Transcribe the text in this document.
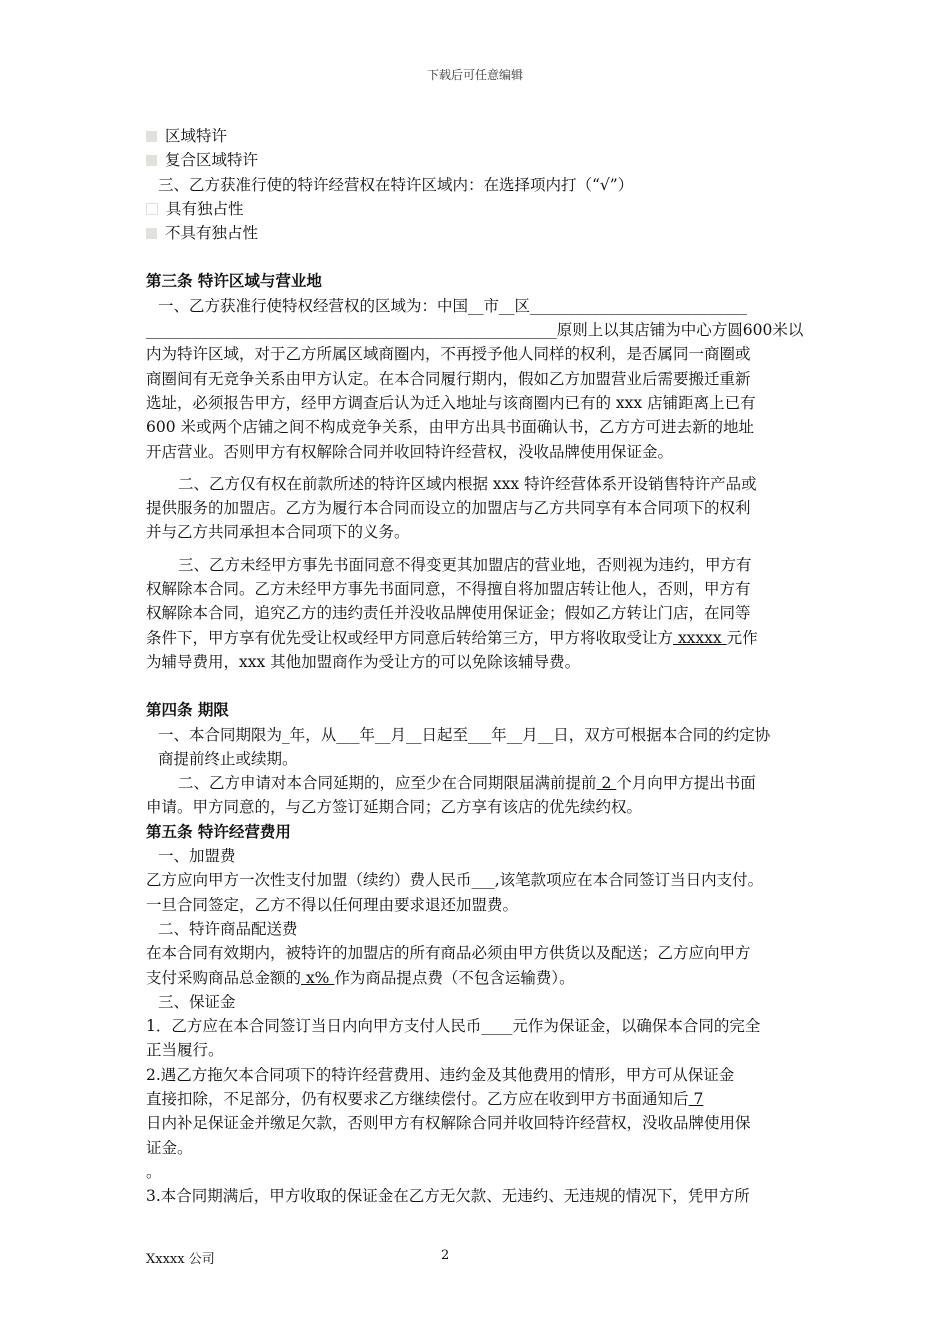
下载后可任意编辑

区域特许

复合区域特许

三、乙方获准行使的特许经营权在特许区域内：在选择项内打（“√”）

具有独占性

不具有独占性

第三条 特许区域与营业地

一、乙方获准行使特权经营权的区域为：中国__市__区____________________________

_____________________________________________________原则上以其店铺为中心方圆600米以

内为特许区域，对于乙方所属区域商圈内，不再授予他人同样的权利，是否属同一商圈或

商圈间有无竞争关系由甲方认定。在本合同履行期内，假如乙方加盟营业后需要搬迁重新

选址，必须报告甲方，经甲方调查后认为迁入地址与该商圈内已有的 xxx 店铺距离上已有

600 米或两个店铺之间不构成竞争关系，由甲方出具书面确认书，乙方方可进去新的地址

开店营业。否则甲方有权解除合同并收回特许经营权，没收品牌使用保证金。

二、乙方仅有权在前款所述的特许区域内根据 xxx 特许经营体系开设销售特许产品或

提供服务的加盟店。乙方为履行本合同而设立的加盟店与乙方共同享有本合同项下的权利

并与乙方共同承担本合同项下的义务。

三、乙方未经甲方事先书面同意不得变更其加盟店的营业地，否则视为违约，甲方有

权解除本合同。乙方未经甲方事先书面同意，不得擅自将加盟店转让他人，否则，甲方有

权解除本合同，追究乙方的违约责任并没收品牌使用保证金；假如乙方转让门店，在同等

条件下，甲方享有优先受让权或经甲方同意后转给第三方，甲方将收取受让方 xxxxx 元作

为辅导费用，xxx 其他加盟商作为受让方的可以免除该辅导费。

第四条 期限

一、本合同期限为_年，从___年__月__日起至___年__月__日，双方可根据本合同的约定协

商提前终止或续期。

二、乙方申请对本合同延期的，应至少在合同期限届满前提前 2 个月向甲方提出书面

申请。甲方同意的，与乙方签订延期合同；乙方享有该店的优先续约权。

第五条 特许经营费用

一、加盟费

乙方应向甲方一次性支付加盟（续约）费人民币___,该笔款项应在本合同签订当日内支付。

一旦合同签定，乙方不得以任何理由要求退还加盟费。

二、特许商品配送费

在本合同有效期内，被特许的加盟店的所有商品必须由甲方供货以及配送；乙方应向甲方

支付采购商品总金额的 x% 作为商品提点费（不包含运输费）。

三、保证金

1．乙方应在本合同签订当日内向甲方支付人民币____元作为保证金，以确保本合同的完全

正当履行。

2.遇乙方拖欠本合同项下的特许经营费用、违约金及其他费用的情形，甲方可从保证金

直接扣除，不足部分，仍有权要求乙方继续偿付。乙方应在收到甲方书面通知后 7

日内补足保证金并缴足欠款，否则甲方有权解除合同并收回特许经营权，没收品牌使用保

证金。

。

3.本合同期满后，甲方收取的保证金在乙方无欠款、无违约、无违规的情况下，凭甲方所

Xxxxx 公司	2
